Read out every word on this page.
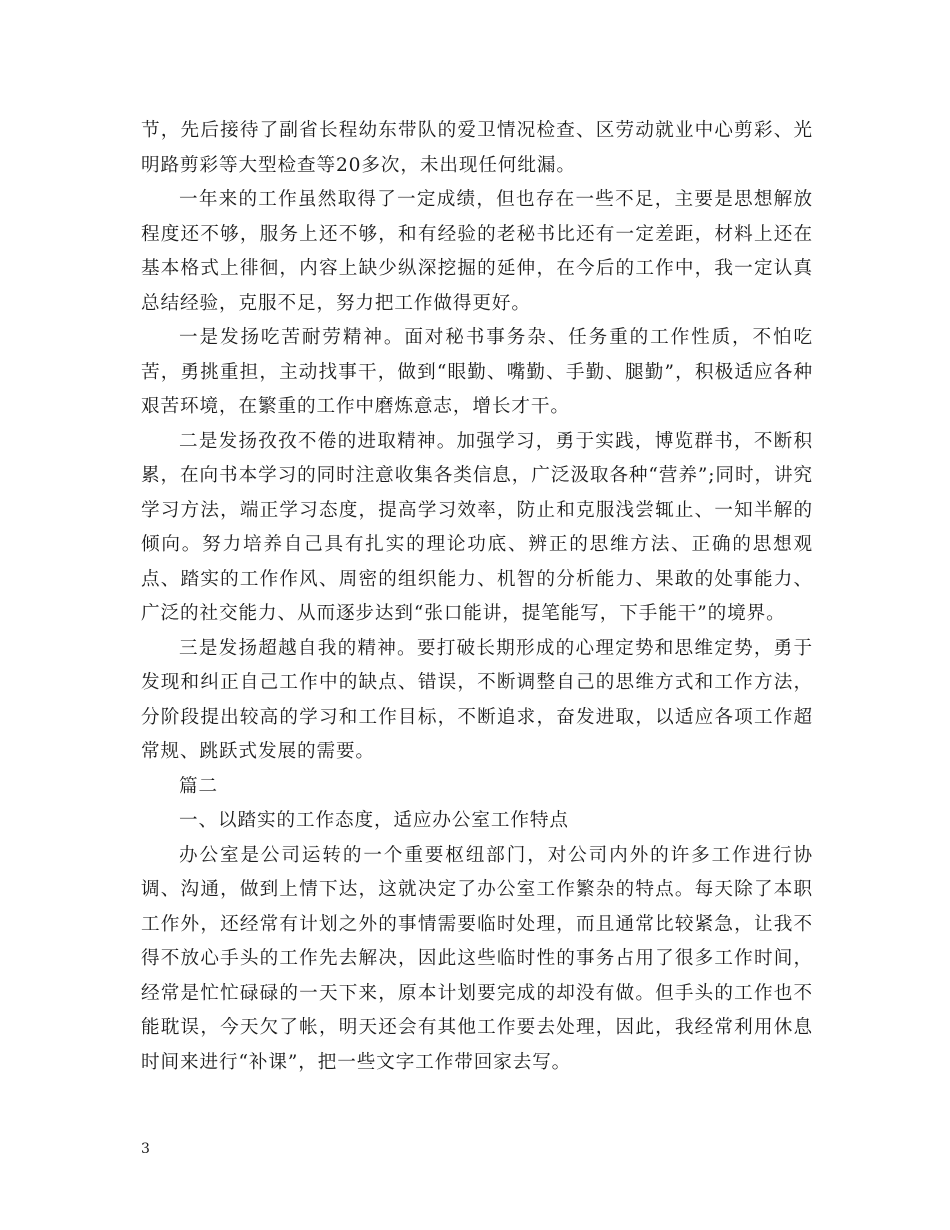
节，先后接待了副省长程幼东带队的爱卫情况检查、区劳动就业中心剪彩、光明路剪彩等大型检查等20多次，未出现任何纰漏。

一年来的工作虽然取得了一定成绩，但也存在一些不足，主要是思想解放程度还不够，服务上还不够，和有经验的老秘书比还有一定差距，材料上还在基本格式上徘徊，内容上缺少纵深挖掘的延伸，在今后的工作中，我一定认真总结经验，克服不足，努力把工作做得更好。

一是发扬吃苦耐劳精神。面对秘书事务杂、任务重的工作性质，不怕吃苦，勇挑重担，主动找事干，做到“眼勤、嘴勤、手勤、腿勤”，积极适应各种艰苦环境，在繁重的工作中磨炼意志，增长才干。

二是发扬孜孜不倦的进取精神。加强学习，勇于实践，博览群书，不断积累，在向书本学习的同时注意收集各类信息，广泛汲取各种“营养”;同时，讲究学习方法，端正学习态度，提高学习效率，防止和克服浅尝辄止、一知半解的倾向。努力培养自己具有扎实的理论功底、辨正的思维方法、正确的思想观点、踏实的工作作风、周密的组织能力、机智的分析能力、果敢的处事能力、广泛的社交能力、从而逐步达到“张口能讲，提笔能写，下手能干”的境界。

三是发扬超越自我的精神。要打破长期形成的心理定势和思维定势，勇于发现和纠正自己工作中的缺点、错误，不断调整自己的思维方式和工作方法，分阶段提出较高的学习和工作目标，不断追求，奋发进取，以适应各项工作超常规、跳跃式发展的需要。

篇二

一、以踏实的工作态度，适应办公室工作特点

办公室是公司运转的一个重要枢纽部门，对公司内外的许多工作进行协调、沟通，做到上情下达，这就决定了办公室工作繁杂的特点。每天除了本职工作外，还经常有计划之外的事情需要临时处理，而且通常比较紧急，让我不得不放心手头的工作先去解决，因此这些临时性的事务占用了很多工作时间，经常是忙忙碌碌的一天下来，原本计划要完成的却没有做。但手头的工作也不能耽误，今天欠了帐，明天还会有其他工作要去处理，因此，我经常利用休息时间来进行“补课”，把一些文字工作带回家去写。

3
